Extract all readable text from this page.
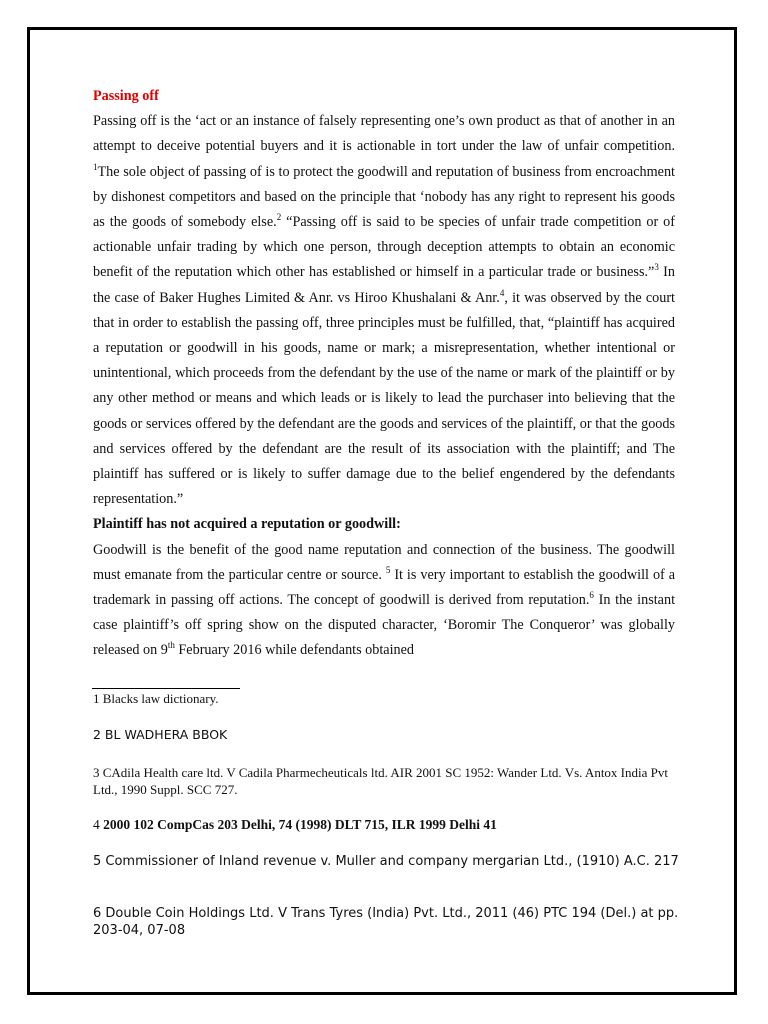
Passing off

Passing off is the ‘act or an instance of falsely representing one’s own product as that of another in an attempt to deceive potential buyers and it is actionable in tort under the law of unfair competition. $^1$The sole object of passing of is to protect the goodwill and reputation of business from encroachment by dishonest competitors and based on the principle that ‘nobody has any right to represent his goods as the goods of somebody else.$^2$ “Passing off is said to be species of unfair trade competition or of actionable unfair trading by which one person, through deception attempts to obtain an economic benefit of the reputation which other has established or himself in a particular trade or business.”$^3$ In the case of Baker Hughes Limited & Anr. vs Hiroo Khushalani & Anr.$^4$, it was observed by the court that in order to establish the passing off, three principles must be fulfilled, that, “plaintiff has acquired a reputation or goodwill in his goods, name or mark; a misrepresentation, whether intentional or unintentional, which proceeds from the defendant by the use of the name or mark of the plaintiff or by any other method or means and which leads or is likely to lead the purchaser into believing that the goods or services offered by the defendant are the goods and services of the plaintiff, or that the goods and services offered by the defendant are the result of its association with the plaintiff; and The plaintiff has suffered or is likely to suffer damage due to the belief engendered by the defendants representation.”

Plaintiff has not acquired a reputation or goodwill:

Goodwill is the benefit of the good name reputation and connection of the business. The goodwill must emanate from the particular centre or source. $^5$ It is very important to establish the goodwill of a trademark in passing off actions. The concept of goodwill is derived from reputation.$^6$ In the instant case plaintiff’s off spring show on the disputed character, ‘Boromir The Conqueror’ was globally released on 9th February 2016 while defendants obtained

1 Blacks law dictionary.

2 BL WADHERA BBOK

3 CAdila Health care ltd. V Cadila Pharmecheuticals ltd. AIR 2001 SC 1952: Wander Ltd. Vs. Antox India Pvt Ltd., 1990 Suppl. SCC 727.

4 2000 102 CompCas 203 Delhi, 74 (1998) DLT 715, ILR 1999 Delhi 41

5 Commissioner of Inland revenue v. Muller and company mergarian Ltd., (1910) A.C. 217

6 Double Coin Holdings Ltd. V Trans Tyres (India) Pvt. Ltd., 2011 (46) PTC 194 (Del.) at pp. 203-04, 07-08
